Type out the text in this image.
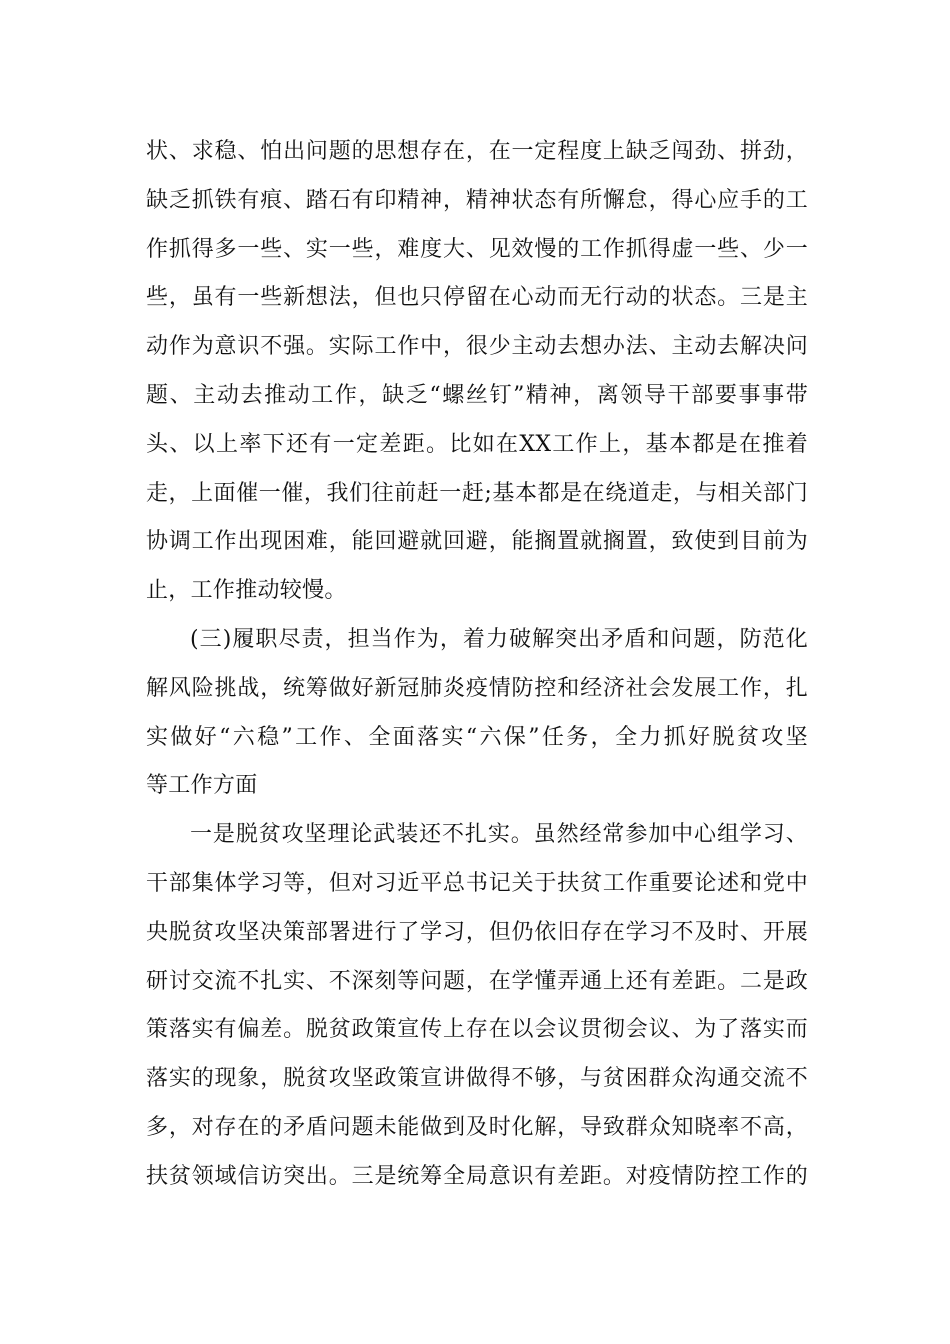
状、求稳、怕出问题的思想存在，在一定程度上缺乏闯劲、拼劲，
缺乏抓铁有痕、踏石有印精神，精神状态有所懈怠，得心应手的工
作抓得多一些、实一些，难度大、见效慢的工作抓得虚一些、少一
些，虽有一些新想法，但也只停留在心动而无行动的状态。三是主
动作为意识不强。实际工作中，很少主动去想办法、主动去解决问
题、主动去推动工作，缺乏“螺丝钉”精神，离领导干部要事事带
头、以上率下还有一定差距。比如在XX工作上，基本都是在推着
走，上面催一催，我们往前赶一赶;基本都是在绕道走，与相关部门
协调工作出现困难，能回避就回避，能搁置就搁置，致使到目前为
止，工作推动较慢。
(三)履职尽责，担当作为，着力破解突出矛盾和问题，防范化
解风险挑战，统筹做好新冠肺炎疫情防控和经济社会发展工作，扎
实做好“六稳”工作、全面落实“六保”任务，全力抓好脱贫攻坚
等工作方面
一是脱贫攻坚理论武装还不扎实。虽然经常参加中心组学习、
干部集体学习等，但对习近平总书记关于扶贫工作重要论述和党中
央脱贫攻坚决策部署进行了学习，但仍依旧存在学习不及时、开展
研讨交流不扎实、不深刻等问题，在学懂弄通上还有差距。二是政
策落实有偏差。脱贫政策宣传上存在以会议贯彻会议、为了落实而
落实的现象，脱贫攻坚政策宣讲做得不够，与贫困群众沟通交流不
多，对存在的矛盾问题未能做到及时化解，导致群众知晓率不高，
扶贫领域信访突出。三是统筹全局意识有差距。对疫情防控工作的
